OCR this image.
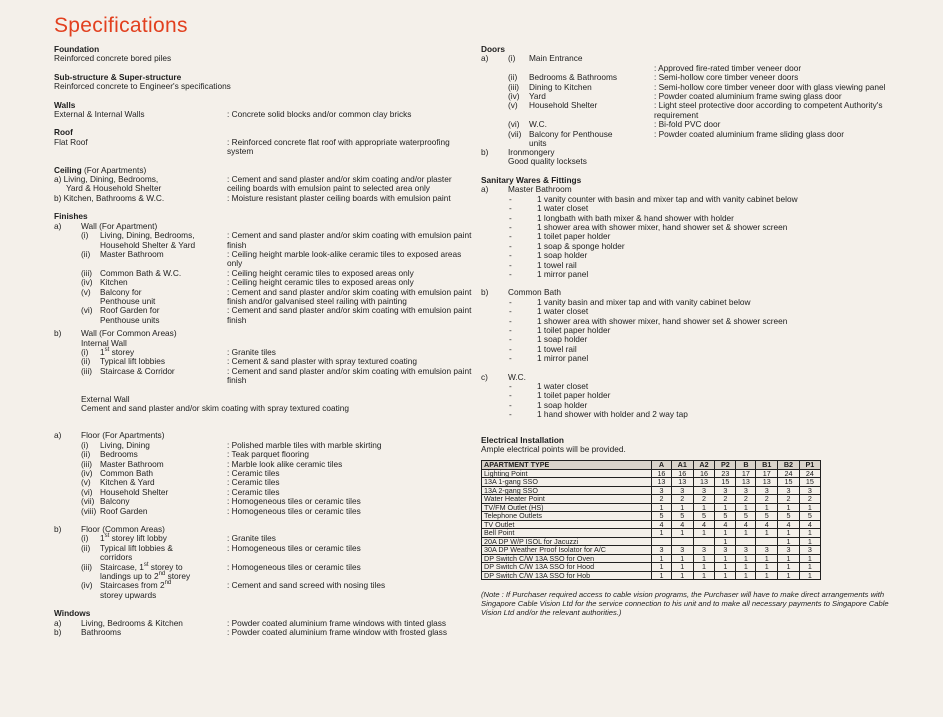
Specifications
Foundation
Reinforced concrete bored piles
Sub-structure & Super-structure
Reinforced concrete to Engineer's specifications
Walls
External & Internal Walls	: Concrete solid blocks and/or common clay bricks
Roof
Flat Roof	: Reinforced concrete flat roof with appropriate waterproofing system
Ceiling (For Apartments)
a) Living, Dining, Bedrooms,
Yard & Household Shelter
: Cement and sand plaster and/or skim coating and/or plaster ceiling boards with emulsion paint to selected area only
b) Kitchen, Bathrooms & W.C.	: Moisture resistant plaster ceiling boards with emulsion paint
Finishes
a) Wall (For Apartment)
(i) Living, Dining, Bedrooms,
Household Shelter & Yard
: Cement and sand plaster and/or skim coating with emulsion paint finish
(ii) Master Bathroom	: Ceiling height marble look-alike ceramic tiles to exposed areas only
(iii) Common Bath & W.C.	: Ceiling height ceramic tiles to exposed areas only
(iv) Kitchen	: Ceiling height ceramic tiles to exposed areas only
(v) Balcony for
Penthouse unit
: Cement and sand plaster and/or skim coating with emulsion paint finish and/or galvanised steel railing with painting
(vi) Roof Garden for
Penthouse units
: Cement and sand plaster and/or skim coating with emulsion paint finish
b) Wall (For Common Areas)
Internal Wall
(i) 1st storey	: Granite tiles
(ii) Typical lift lobbies	: Cement & sand plaster with spray textured coating
(iii) Staircase & Corridor	: Cement and sand plaster and/or skim coating with emulsion paint finish
External Wall
Cement and sand plaster and/or skim coating with spray textured coating
a) Floor (For Apartments)
(i) Living, Dining	: Polished marble tiles with marble skirting
(ii) Bedrooms	: Teak parquet flooring
(iii) Master Bathroom	: Marble look alike ceramic tiles
(iv) Common Bath	: Ceramic tiles
(v) Kitchen & Yard	: Ceramic tiles
(vi) Household Shelter	: Ceramic tiles
(vii) Balcony	: Homogeneous tiles or ceramic tiles
(viii) Roof Garden	: Homogeneous tiles or ceramic tiles
b) Floor (Common Areas)
(i) 1st storey lift lobby	: Granite tiles
(ii) Typical lift lobbies &
corridors
: Homogeneous tiles or ceramic tiles
(iii) Staircase, 1st storey to
landings up to 2nd storey
: Homogeneous tiles or ceramic tiles
(iv) Staircases from 2nd
storey upwards
: Cement and sand screed with nosing tiles
Windows
a) Living, Bedrooms & Kitchen	: Powder coated aluminium frame windows with tinted glass
b) Bathrooms	: Powder coated aluminium frame window with frosted glass
Doors
a) (i) Main Entrance
: Approved fire-rated timber veneer door
(ii) Bedrooms & Bathrooms	: Semi-hollow core timber veneer doors
(iii) Dining to Kitchen	: Semi-hollow core timber veneer door with glass viewing panel
(iv) Yard	: Powder coated aluminium frame swing glass door
(v) Household Shelter	: Light steel protective door according to competent Authority's requirement
(vi) W.C.	: Bi-fold PVC door
(vii) Balcony for Penthouse
units
: Powder coated aluminium frame sliding glass door
b) Ironmongery
Good quality locksets
Sanitary Wares & Fittings
a) Master Bathroom
-	1 vanity counter with basin and mixer tap and with vanity cabinet below
-	1 water closet
-	1 longbath with bath mixer & hand shower with holder
-	1 shower area with shower mixer, hand shower set & shower screen
-	1 toilet paper holder
-	1 soap & sponge holder
-	1 soap holder
-	1 towel rail
-	1 mirror panel
b) Common Bath
-	1 vanity basin and mixer tap and with vanity cabinet below
-	1 water closet
-	1 shower area with shower mixer, hand shower set & shower screen
-	1 toilet paper holder
-	1 soap holder
-	1 towel rail
-	1 mirror panel
c) W.C.
-	1 water closet
-	1 toilet paper holder
-	1 soap holder
-	1 hand shower with holder and 2 way tap
Electrical Installation
Ample electrical points will be provided.
APARTMENT TYPE	A	A1	A2	P2	B	B1	B2	P1
Lighting Point	16	16	16	23	17	17	24	24
13A 1-gang SSO	13	13	13	15	13	13	15	15
13A 2-gang SSO	3	3	3	3	3	3	3	3
Water Heater Point	2	2	2	2	2	2	2	2
TV/FM Outlet (HS)	1	1	1	1	1	1	1	1
Telephone Outlets	5	5	5	5	5	5	5	5
TV Outlet	4	4	4	4	4	4	4	4
Bell Point	1	1	1	1	1	1	1	1
20A DP W/P ISOL for Jacuzzi				1			1	1
30A DP Weather Proof Isolator for A/C	3	3	3	3	3	3	3	3
DP Switch C/W 13A SSO for Oven	1	1	1	1	1	1	1	1
DP Switch C/W 13A SSO for Hood	1	1	1	1	1	1	1	1
DP Switch C/W 13A SSO for Hob	1	1	1	1	1	1	1	1
(Note : If Purchaser required access to cable vision programs, the Purchaser will have to make direct arrangements with Singapore Cable Vision Ltd for the service connection to his unit and to make all necessary payments to Singapore Cable Vision Ltd and/or the relevant authorities.)
